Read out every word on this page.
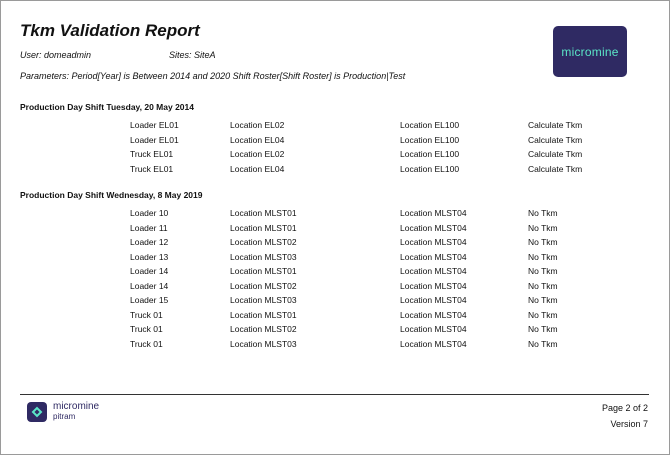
Tkm Validation Report
User: domeadmin	Sites: SiteA
Parameters: Period[Year] is Between 2014 and 2020 Shift Roster[Shift Roster] is Production|Test
micromine
Production Day Shift Tuesday, 20 May 2014
Loader EL01	Location EL02	Location EL100	Calculate Tkm
Loader EL01	Location EL04	Location EL100	Calculate Tkm
Truck EL01	Location EL02	Location EL100	Calculate Tkm
Truck EL01	Location EL04	Location EL100	Calculate Tkm
Production Day Shift Wednesday, 8 May 2019
Loader 10	Location MLST01	Location MLST04	No Tkm
Loader 11	Location MLST01	Location MLST04	No Tkm
Loader 12	Location MLST02	Location MLST04	No Tkm
Loader 13	Location MLST03	Location MLST04	No Tkm
Loader 14	Location MLST01	Location MLST04	No Tkm
Loader 14	Location MLST02	Location MLST04	No Tkm
Loader 15	Location MLST03	Location MLST04	No Tkm
Truck 01	Location MLST01	Location MLST04	No Tkm
Truck 01	Location MLST02	Location MLST04	No Tkm
Truck 01	Location MLST03	Location MLST04	No Tkm
micromine
pitram
Page 2 of 2
Version 7
